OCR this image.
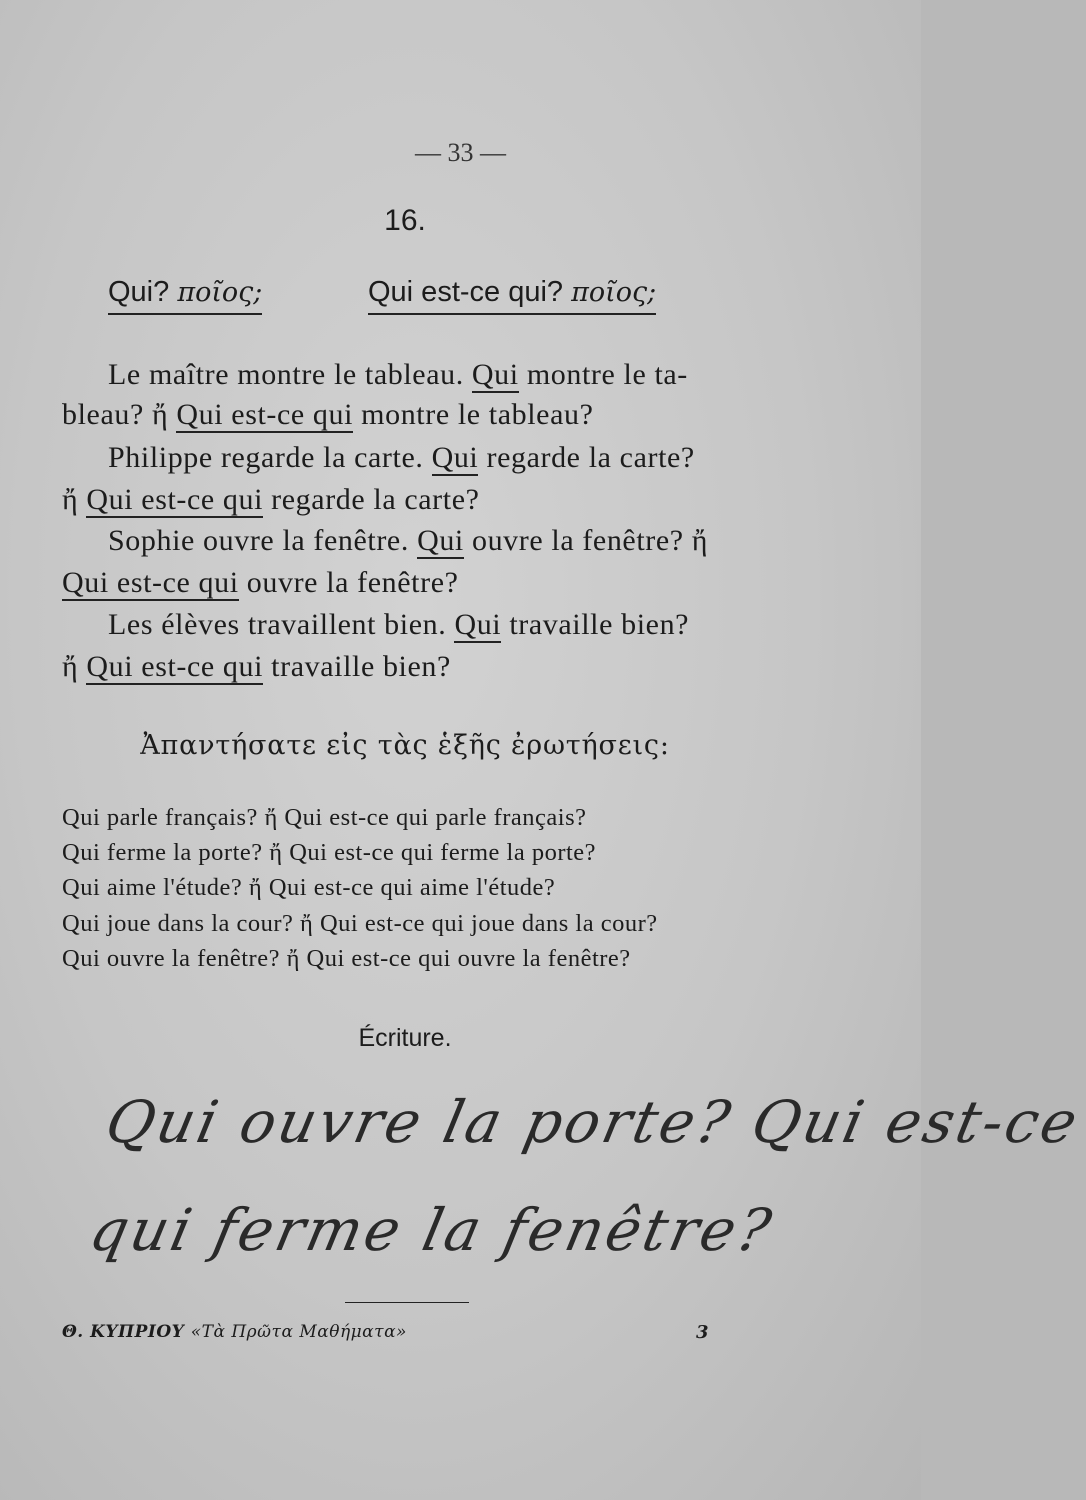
— 33 —
16.
Qui? ποῖος;	Qui est-ce qui? ποῖος;
Le maître montre le tableau. Qui montre le ta-
bleau? ἤ Qui est-ce qui montre le tableau?
Philippe regarde la carte. Qui regarde la carte?
ἤ Qui est-ce qui regarde la carte?
Sophie ouvre la fenêtre. Qui ouvre la fenêtre? ἤ
Qui est-ce qui ouvre la fenêtre?
Les élèves travaillent bien. Qui travaille bien?
ἤ Qui est-ce qui travaille bien?
Ἀπαντήσατε εἰς τὰς ἑξῆς ἐρωτήσεις:
Qui parle français? ἤ Qui est-ce qui parle français?
Qui ferme la porte? ἤ Qui est-ce qui ferme la porte?
Qui aime l'étude? ἤ Qui est-ce qui aime l'étude?
Qui joue dans la cour? ἤ Qui est-ce qui joue dans la cour?
Qui ouvre la fenêtre? ἤ Qui est-ce qui ouvre la fenêtre?
Écriture.
Qui ouvre la porte? Qui est-ce
qui ferme la fenêtre?
Θ. ΚΥΠΡΙΟΥ «Τὰ Πρῶτα Μαθήματα»	3
